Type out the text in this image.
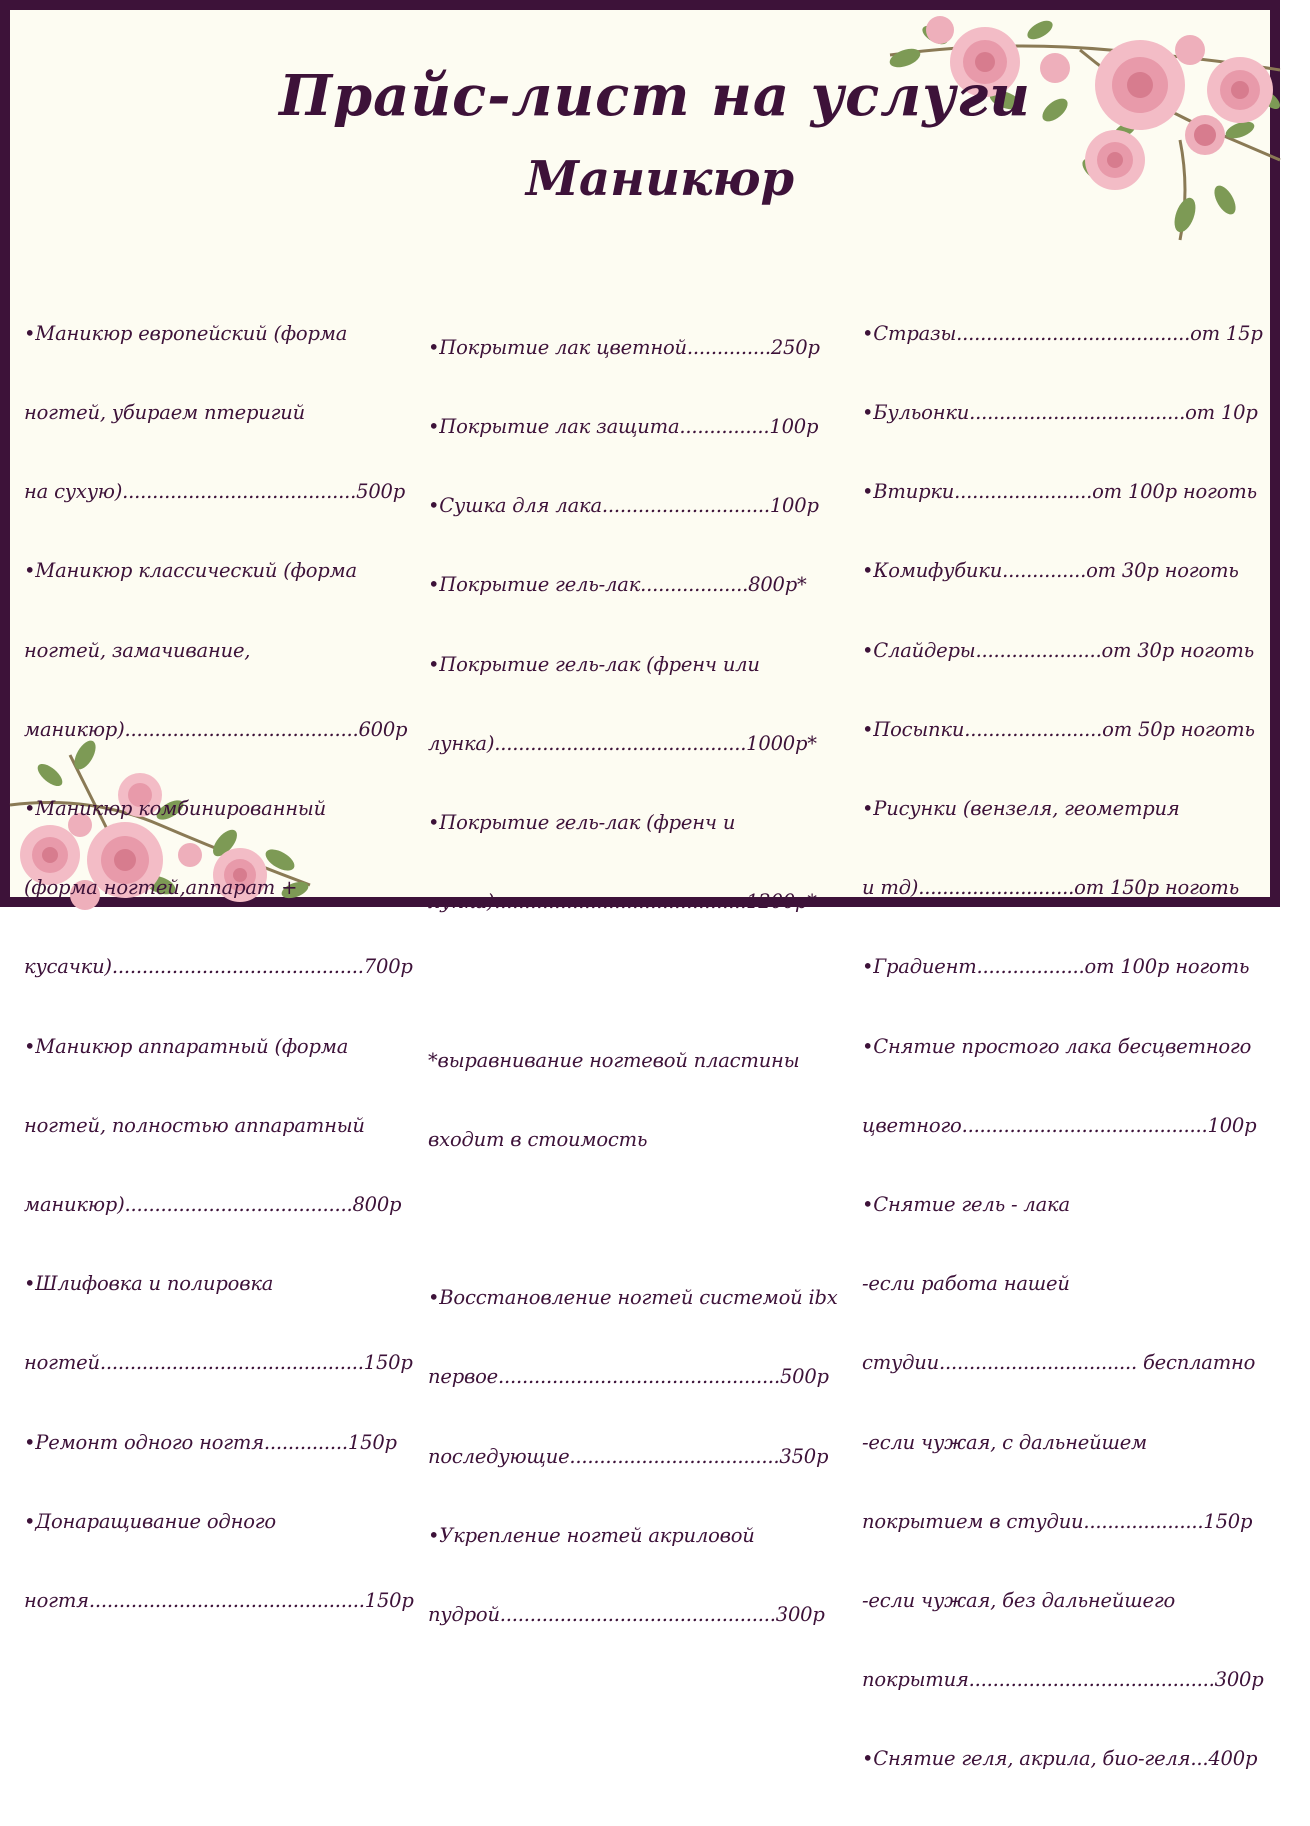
Прайс-лист на услуги
Маникюр

•Маникюр европейский (форма

ногтей, убираем птеригий

на сухую).......................................500р

•Маникюр классический (форма

ногтей, замачивание,

маникюр).......................................600р

•Маникюр комбинированный

(форма ногтей,аппарат +

кусачки)..........................................700р

•Маникюр аппаратный (форма

ногтей, полностью аппаратный

маникюр)......................................800р

•Шлифовка и полировка

ногтей............................................150р

•Ремонт одного ногтя..............150р

•Донаращивание одного

ногтя..............................................150р

•Покрытие лак цветной..............250р

•Покрытие лак защита...............100р

•Сушка для лака............................100р

•Покрытие гель-лак..................800р*

•Покрытие гель-лак (френч или

лунка)..........................................1000р*

•Покрытие гель-лак (френч и

лунка)..........................................1200р*

*выравнивание ногтевой пластины

входит в стоимость

•Восстановление ногтей системой ibx

первое...............................................500р

последующие...................................350р

•Укрепление ногтей акриловой

пудрой..............................................300р

•Стразы.......................................от 15р

•Бульонки....................................от 10р

•Втирки.......................от 100р ноготь

•Комифубики..............от 30р ноготь

•Слайдеры.....................от 30р ноготь

•Посыпки.......................от 50р ноготь

•Рисунки (вензеля, геометрия

и тд)..........................от 150р ноготь

•Градиент..................от 100р ноготь

•Снятие простого лака бесцветного

цветного.........................................100р

•Снятие гель - лака

-если работа нашей

студии................................. бесплатно

-если чужая, с дальнейшем

покрытием в студии....................150р

-если чужая, без дальнейшего

покрытия.........................................300р

•Снятие геля, акрила, био-геля...400р
